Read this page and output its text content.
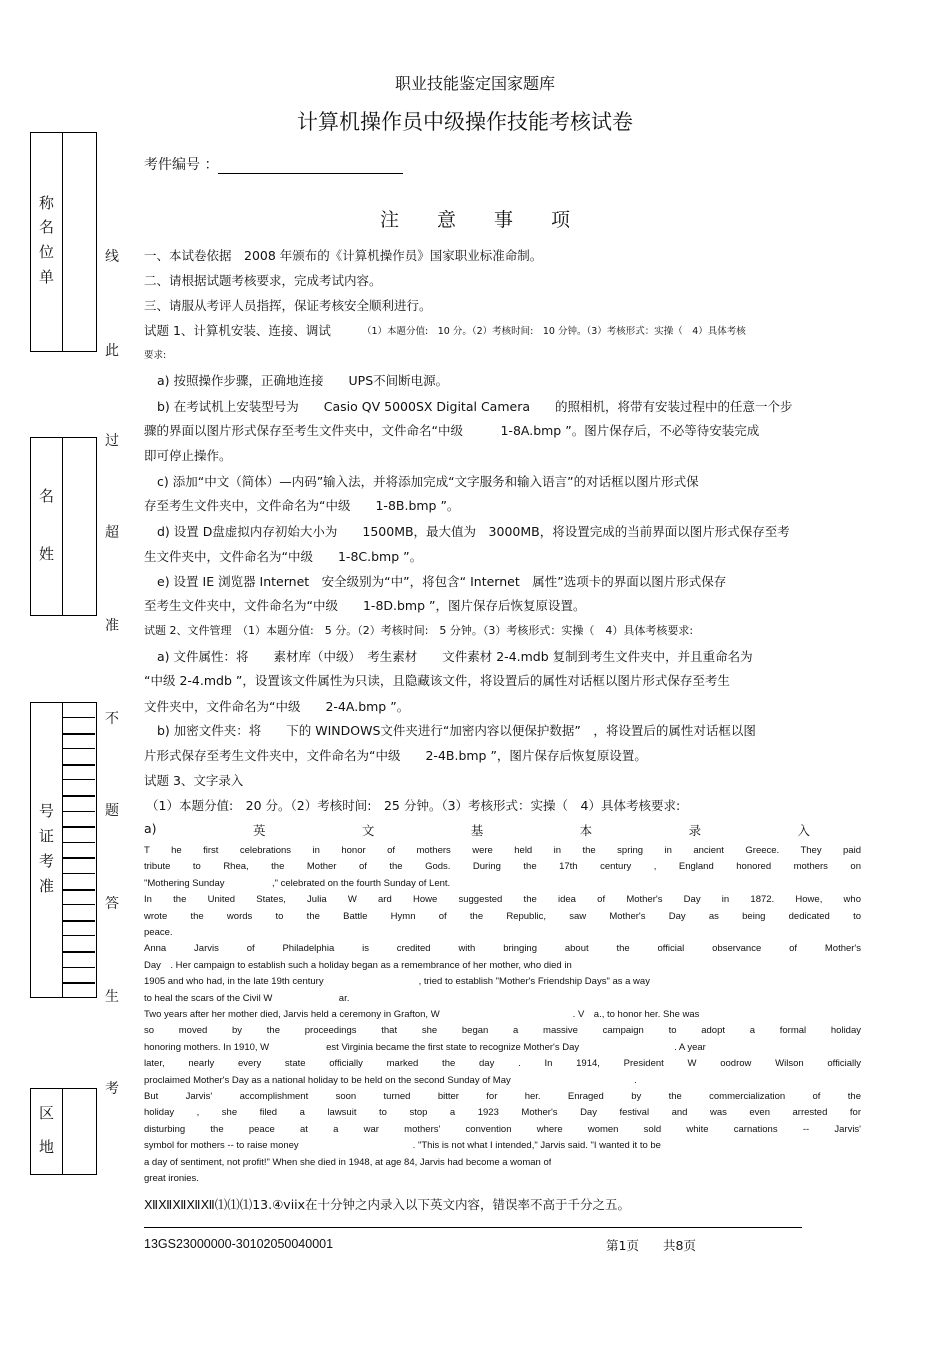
职业技能鉴定国家题库
计算机操作员中级操作技能考核试卷
考件编号 ：
称
名
位
单
名
姓
号
证
考
准
区
地
线
此
过
超
准
不
题
答
生
考
注 意 事 项
一、本试卷依据　2008 年颁布的《计算机操作员》国家职业标准命制。
二、请根据试题考核要求，完成考试内容。
三、请服从考评人员指挥，保证考核安全顺利进行。
试题 1、计算机安装、连接、调试	（1）本题分值:　10 分。（2）考核时间:　10 分钟。（3）考核形式：实操（　4）具体考核
要求:
a) 按照操作步骤，正确地连接　　UPS不间断电源。
b) 在考试机上安装型号为　　Casio QV 5000SX Digital Camera　　的照相机，将带有安装过程中的任意一个步
骤的界面以图片形式保存至考生文件夹中，文件命名“中级　　　1-8A.bmp ”。图片保存后，不必等待安装完成
即可停止操作。
c) 添加“中文（简体）—内码”输入法，并将添加完成“文字服务和输入语言”的对话框以图片形式保
存至考生文件夹中，文件命名为“中级　　1-8B.bmp ”。
d) 设置 D盘虚拟内存初始大小为　　1500MB，最大值为　3000MB，将设置完成的当前界面以图片形式保存至考
生文件夹中，文件命名为“中级　　1-8C.bmp ”。
e) 设置 IE 浏览器 Internet　安全级别为“中”，将包含“ Internet　属性”选项卡的界面以图片形式保存
至考生文件夹中，文件命名为“中级　　1-8D.bmp ”，图片保存后恢复原设置。
试题 2、文件管理　（1）本题分值:　5 分。（2）考核时间:　5 分钟。（3）考核形式：实操（　4）具体考核要求:
a) 文件属性：将　　素材库（中级）　考生素材　　文件素材 2-4.mdb 复制到考生文件夹中，并且重命名为
“中级 2-4.mdb ”，设置该文件属性为只读，且隐藏该文件，将设置后的属性对话框以图片形式保存至考生
文件夹中，文件命名为“中级　　2-4A.bmp ”。
b) 加密文件夹：将　　下的 WINDOWS文件夹进行“加密内容以便保护数据”　，将设置后的属性对话框以图
片形式保存至考生文件夹中，文件命名为“中级　　2-4B.bmp ”，图片保存后恢复原设置。
试题 3、文字录入
（1）本题分值:　20 分。（2）考核时间:　25 分钟。（3）考核形式：实操（　4）具体考核要求:
a)	英	文	基	本	录	入
T he first celebrations in honor of mothers were held in the spring in ancient Greece. They paid
tribute to Rhea, the Mother of the Gods. During the 17th century , England honored mothers on
"Mothering Sunday　　　　　," celebrated on the fourth Sunday of Lent.
In the United States, Julia W ard Howe suggested the idea of Mother's Day in 1872. Howe, who
wrote the words to the Battle Hymn of the Republic, saw Mother's Day as being dedicated to
peace.
Anna Jarvis of Philadelphia is credited with bringing about the official observance of Mother's
Day　. Her campaign to establish such a holiday began as a remembrance of her mother, who died in
1905 and who had, in the late 19th century　　　　　　　　　　, tried to establish "Mother's Friendship Days" as a way
to heal the scars of the Civil W　　　　　　　ar.
Two years after her mother died, Jarvis held a ceremony in Grafton, W　　　　　　　　　　　　　　. V　a., to honor her. She was
so moved by the proceedings that she began a massive campaign to adopt a formal holiday
honoring mothers. In 1910, W　　　　　　est Virginia became the first state to recognize Mother's Day　　　　　　　　　　. A year
later, nearly every state officially marked the day . In 1914, President W oodrow Wilson officially
proclaimed Mother's Day as a national holiday to be held on the second Sunday of May　　　　　　　　　　　　　.
But Jarvis' accomplishment soon turned bitter for her. Enraged by the commercialization of the
holiday , she filed a lawsuit to stop a 1923 Mother's Day festival and was even arrested for
disturbing the peace at a war mothers' convention where women sold white carnations -- Jarvis'
symbol for mothers -- to raise money　　　　　　　　　　　　. "This is not what I intended," Jarvis said. "I wanted it to be
a day of sentiment, not profit!" When she died in 1948, at age 84, Jarvis had become a woman of
great ironies.
ⅫⅫⅫⅫⅫ⑴⑴⑴13.④viix在十分钟之内录入以下英文内容，错误率不高于千分之五。
13GS23000000-30102050040001	第1页 共8页
